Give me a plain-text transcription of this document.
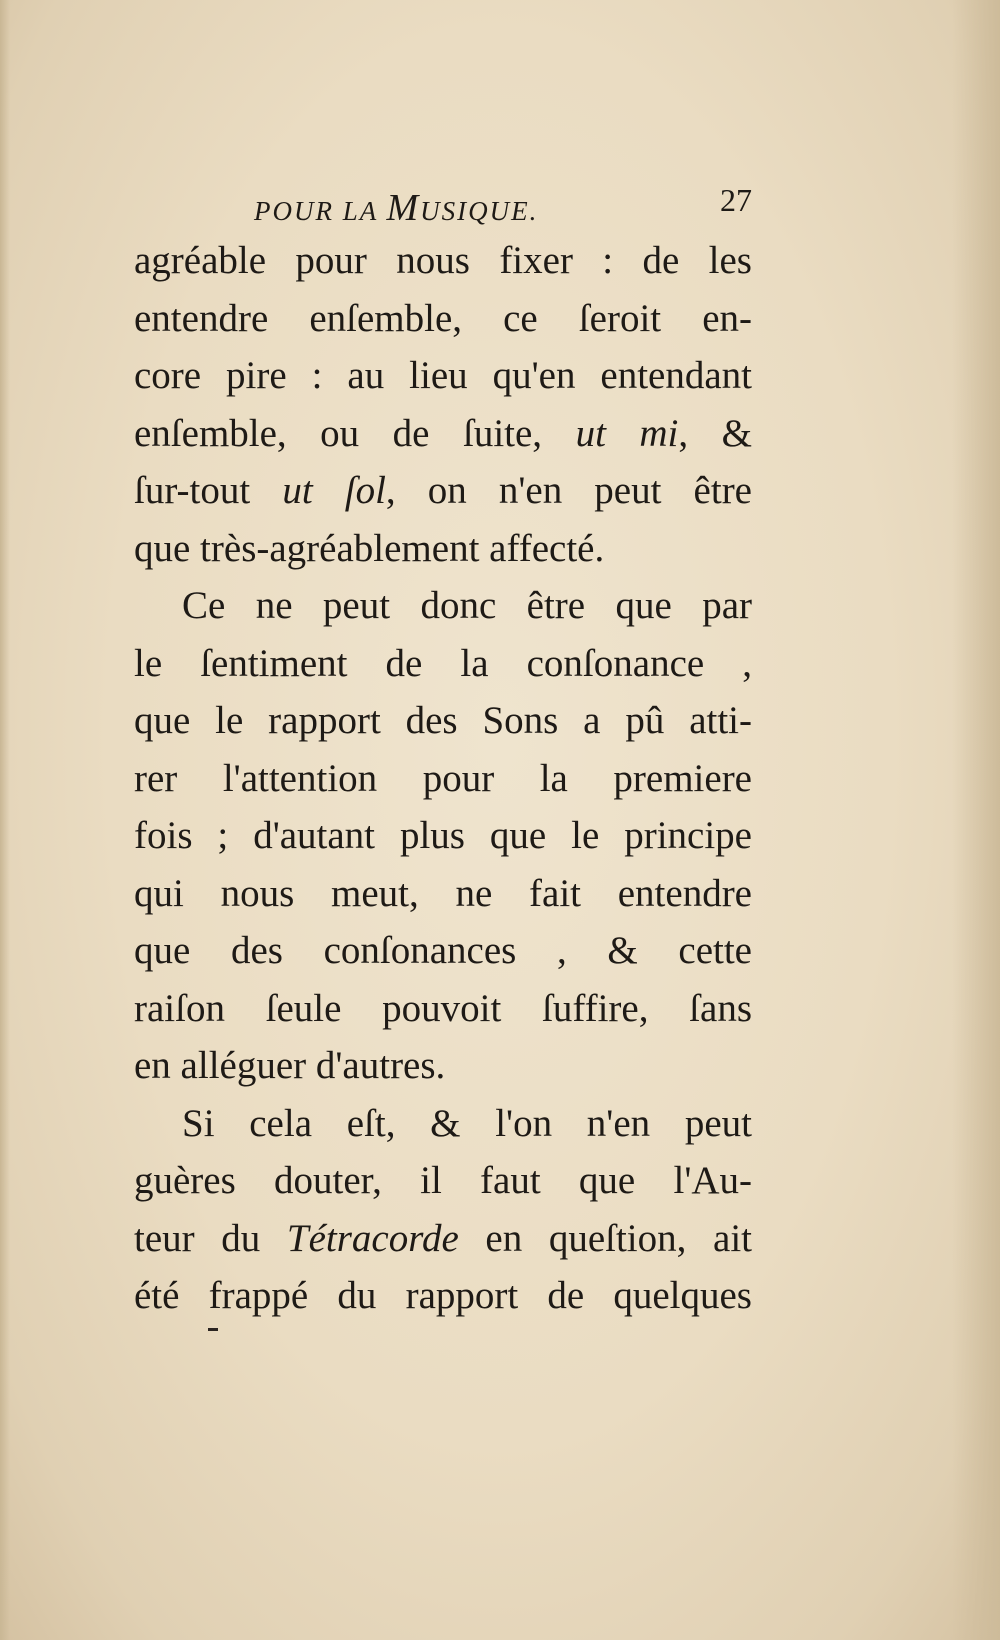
POUR LA MUSIQUE.	27
agréable pour nous fixer : de les
entendre enſemble, ce ſeroit en-
core pire : au lieu qu'en entendant
enſemble, ou de ſuite, ut mi, &
ſur-tout ut ſol, on n'en peut être
que très-agréablement affecté.
Ce ne peut donc être que par
le ſentiment de la conſonance ,
que le rapport des Sons a pû atti-
rer l'attention pour la premiere
fois ; d'autant plus que le principe
qui nous meut, ne fait entendre
que des conſonances , & cette
raiſon ſeule pouvoit ſuffire, ſans
en alléguer d'autres.
Si cela eſt, & l'on n'en peut
guères douter, il faut que l'Au-
teur du Tétracorde en queſtion, ait
été frappé du rapport de quelques
